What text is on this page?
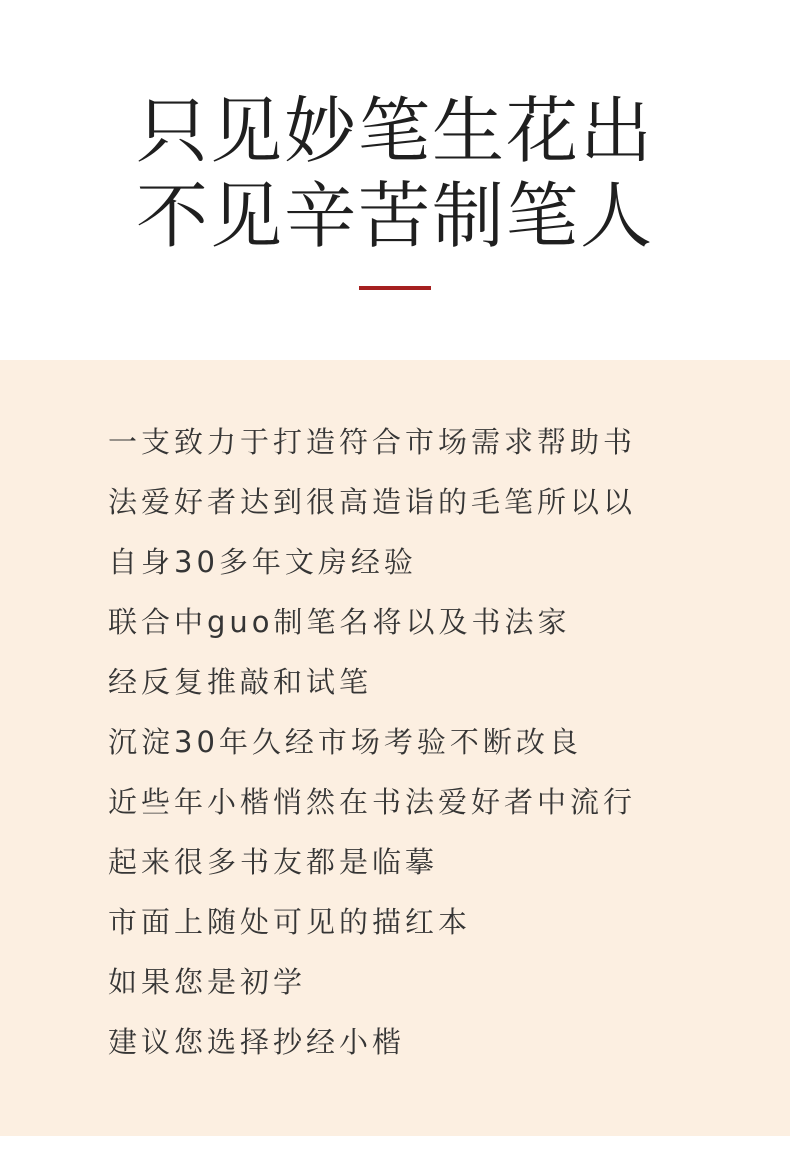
只见妙笔生花出
不见辛苦制笔人
一支致力于打造符合市场需求帮助书
法爱好者达到很高造诣的毛笔所以以
自身30多年文房经验
联合中guo制笔名将以及书法家
经反复推敲和试笔
沉淀30年久经市场考验不断改良
近些年小楷悄然在书法爱好者中流行
起来很多书友都是临摹
市面上随处可见的描红本
如果您是初学
建议您选择抄经小楷
